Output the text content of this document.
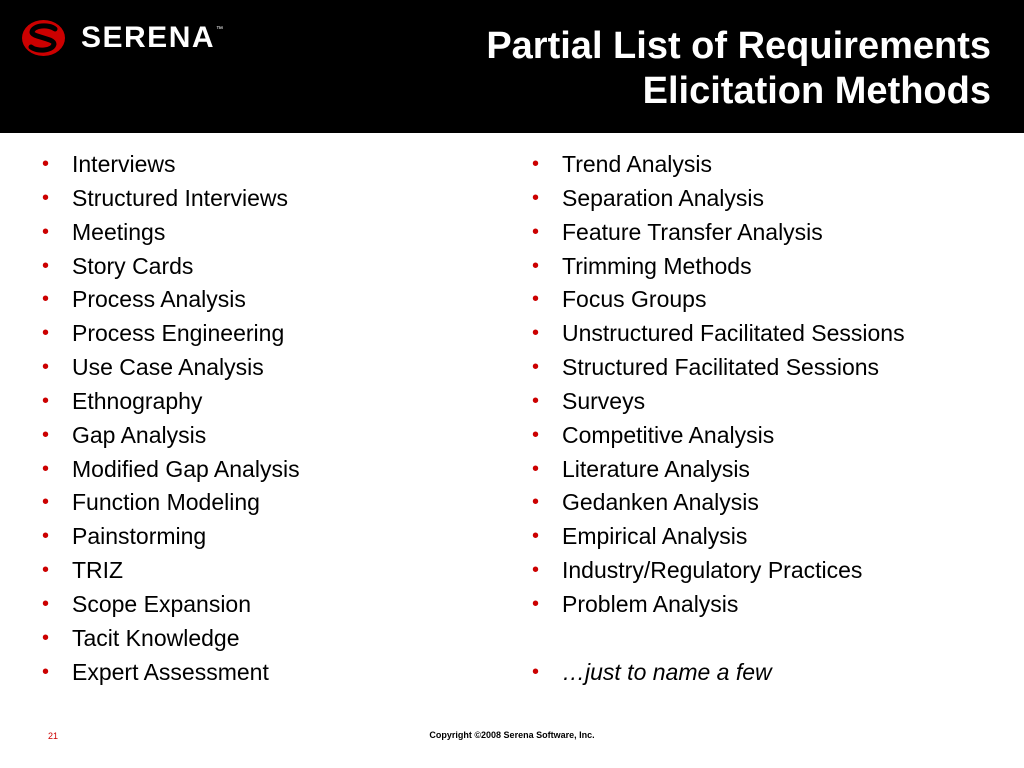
SERENA ™	Partial List of Requirements
Elicitation Methods
• Interviews
• Structured Interviews
• Meetings
• Story Cards
• Process Analysis
• Process Engineering
• Use Case Analysis
• Ethnography
• Gap Analysis
• Modified Gap Analysis
• Function Modeling
• Painstorming
• TRIZ
• Scope Expansion
• Tacit Knowledge
• Expert Assessment
• Trend Analysis
• Separation Analysis
• Feature Transfer Analysis
• Trimming Methods
• Focus Groups
• Unstructured Facilitated Sessions
• Structured Facilitated Sessions
• Surveys
• Competitive Analysis
• Literature Analysis
• Gedanken Analysis
• Empirical Analysis
• Industry/Regulatory Practices
• Problem Analysis
• …just to name a few
21	Copyright ©2008 Serena Software, Inc.
